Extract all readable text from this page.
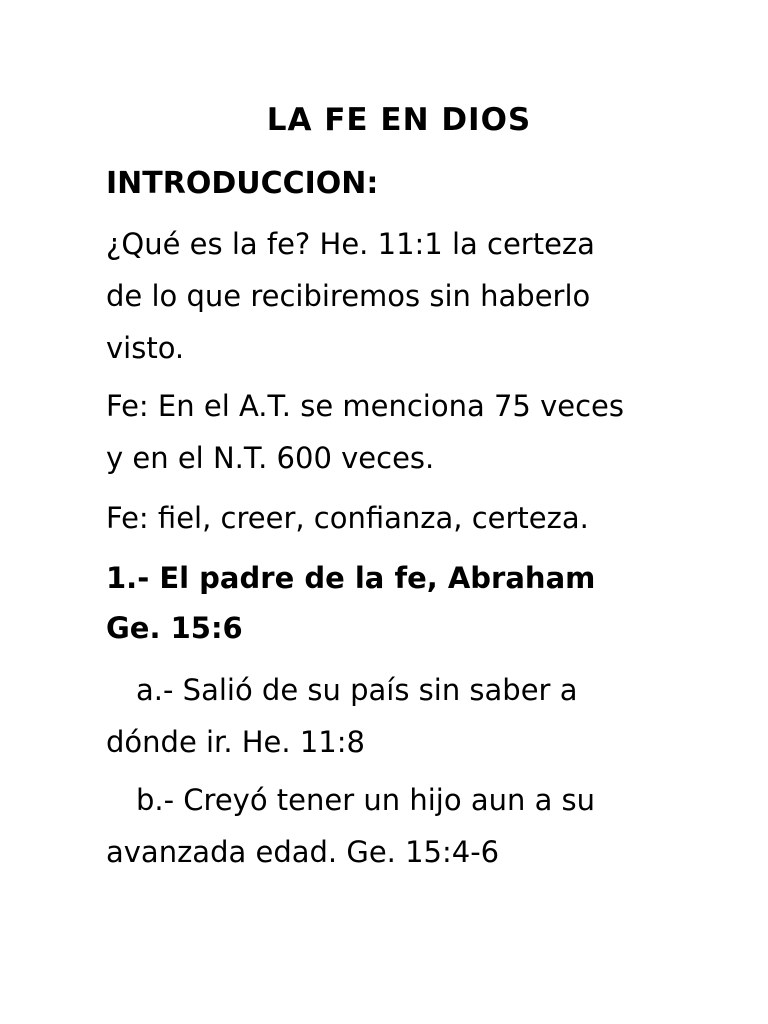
LA FE EN DIOS
INTRODUCCION:
¿Qué es la fe? He. 11:1 la certeza
de lo que recibiremos sin haberlo
visto.
Fe: En el A.T. se menciona 75 veces
y en el N.T. 600 veces.
Fe: fiel, creer, confianza, certeza.
1.- El padre de la fe, Abraham
Ge. 15:6
a.- Salió de su país sin saber a
dónde ir. He. 11:8
b.- Creyó tener un hijo aun a su
avanzada edad. Ge. 15:4-6
